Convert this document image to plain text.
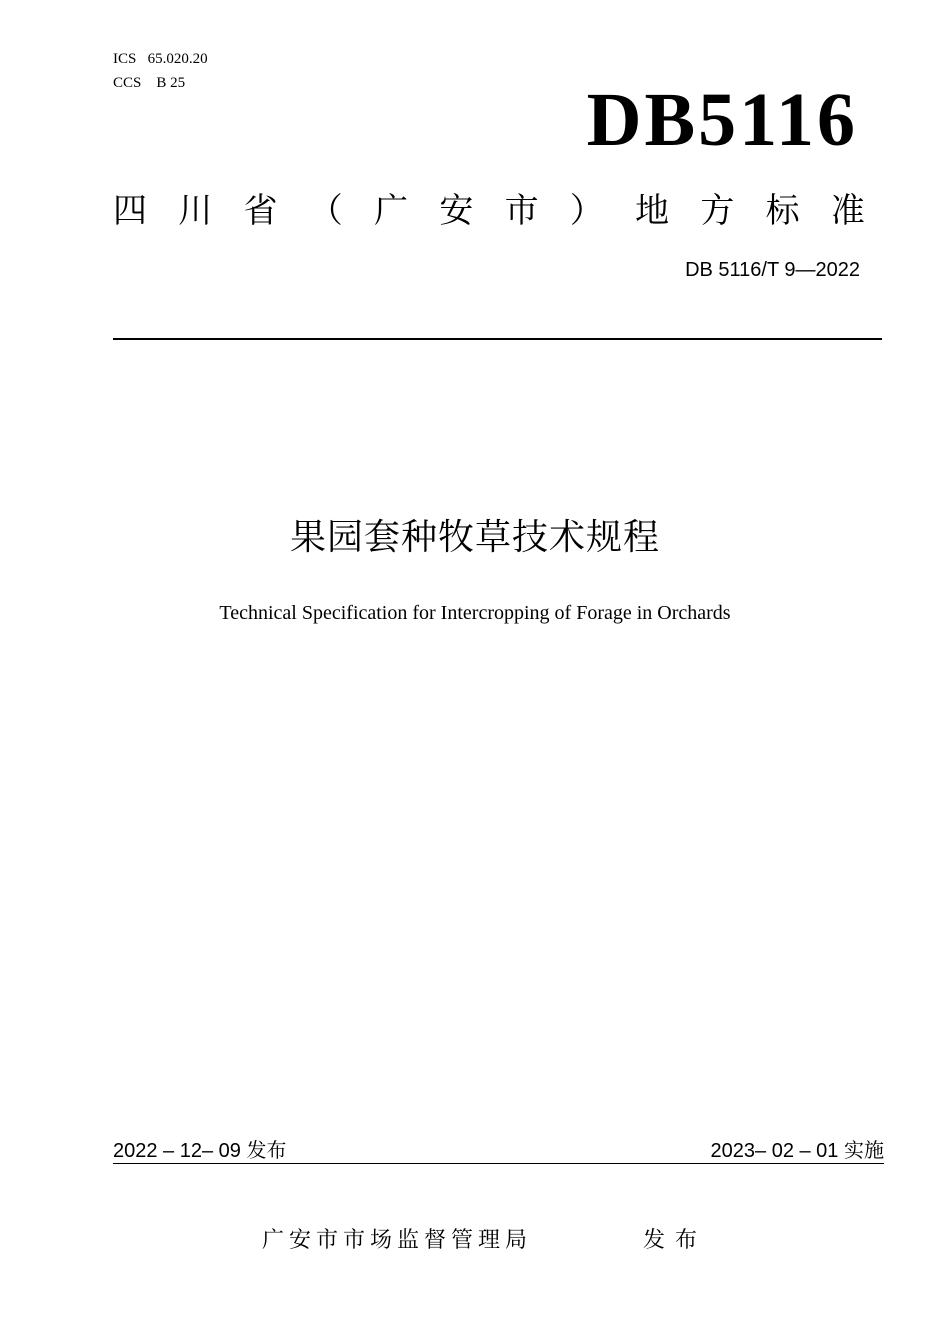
ICS   65.020.20
CCS    B 25	DB5116
四 川 省 （ 广 安 市 ） 地 方 标 准
DB 5116/T 9—2022
果园套种牧草技术规程
Technical Specification for Intercropping of Forage in Orchards
2022 – 12– 09 发布	2023– 02 – 01 实施
广安市市场监督管理局	发布
